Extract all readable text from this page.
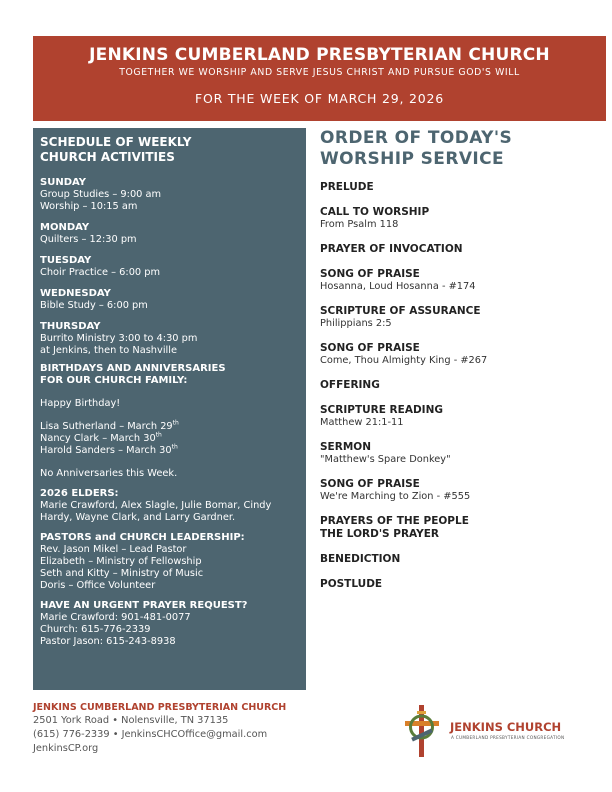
JENKINS CUMBERLAND PRESBYTERIAN CHURCH
TOGETHER WE WORSHIP AND SERVE JESUS CHRIST AND PURSUE GOD'S WILL
FOR THE WEEK OF MARCH 29, 2026
SCHEDULE OF WEEKLY
CHURCH ACTIVITIES
SUNDAY
Group Studies – 9:00 am
Worship – 10:15 am
MONDAY
Quilters – 12:30 pm
TUESDAY
Choir Practice – 6:00 pm
WEDNESDAY
Bible Study – 6:00 pm
THURSDAY
Burrito Ministry 3:00 to 4:30 pm
at Jenkins, then to Nashville
BIRTHDAYS AND ANNIVERSARIES
FOR OUR CHURCH FAMILY:
Happy Birthday!
Lisa Sutherland – March 29th
Nancy Clark – March 30th
Harold Sanders – March 30th
No Anniversaries this Week.
2026 ELDERS:
Marie Crawford, Alex Slagle, Julie Bomar, Cindy Hardy, Wayne Clark, and Larry Gardner.
PASTORS and CHURCH LEADERSHIP:
Rev. Jason Mikel – Lead Pastor
Elizabeth – Ministry of Fellowship
Seth and Kitty – Ministry of Music
Doris – Office Volunteer
HAVE AN URGENT PRAYER REQUEST?
Marie Crawford: 901-481-0077
Church: 615-776-2339
Pastor Jason: 615-243-8938
ORDER OF TODAY'S
WORSHIP SERVICE
PRELUDE
CALL TO WORSHIP
From Psalm 118
PRAYER OF INVOCATION
SONG OF PRAISE
Hosanna, Loud Hosanna - #174
SCRIPTURE OF ASSURANCE
Philippians 2:5
SONG OF PRAISE
Come, Thou Almighty King - #267
OFFERING
SCRIPTURE READING
Matthew 21:1-11
SERMON
"Matthew's Spare Donkey"
SONG OF PRAISE
We're Marching to Zion - #555
PRAYERS OF THE PEOPLE
THE LORD'S PRAYER
BENEDICTION
POSTLUDE
JENKINS CUMBERLAND PRESBYTERIAN CHURCH
2501 York Road • Nolensville, TN 37135
(615) 776-2339 • JenkinsCHCOffice@gmail.com
JenkinsCP.org
JENKINS CHURCH
A CUMBERLAND PRESBYTERIAN CONGREGATION
